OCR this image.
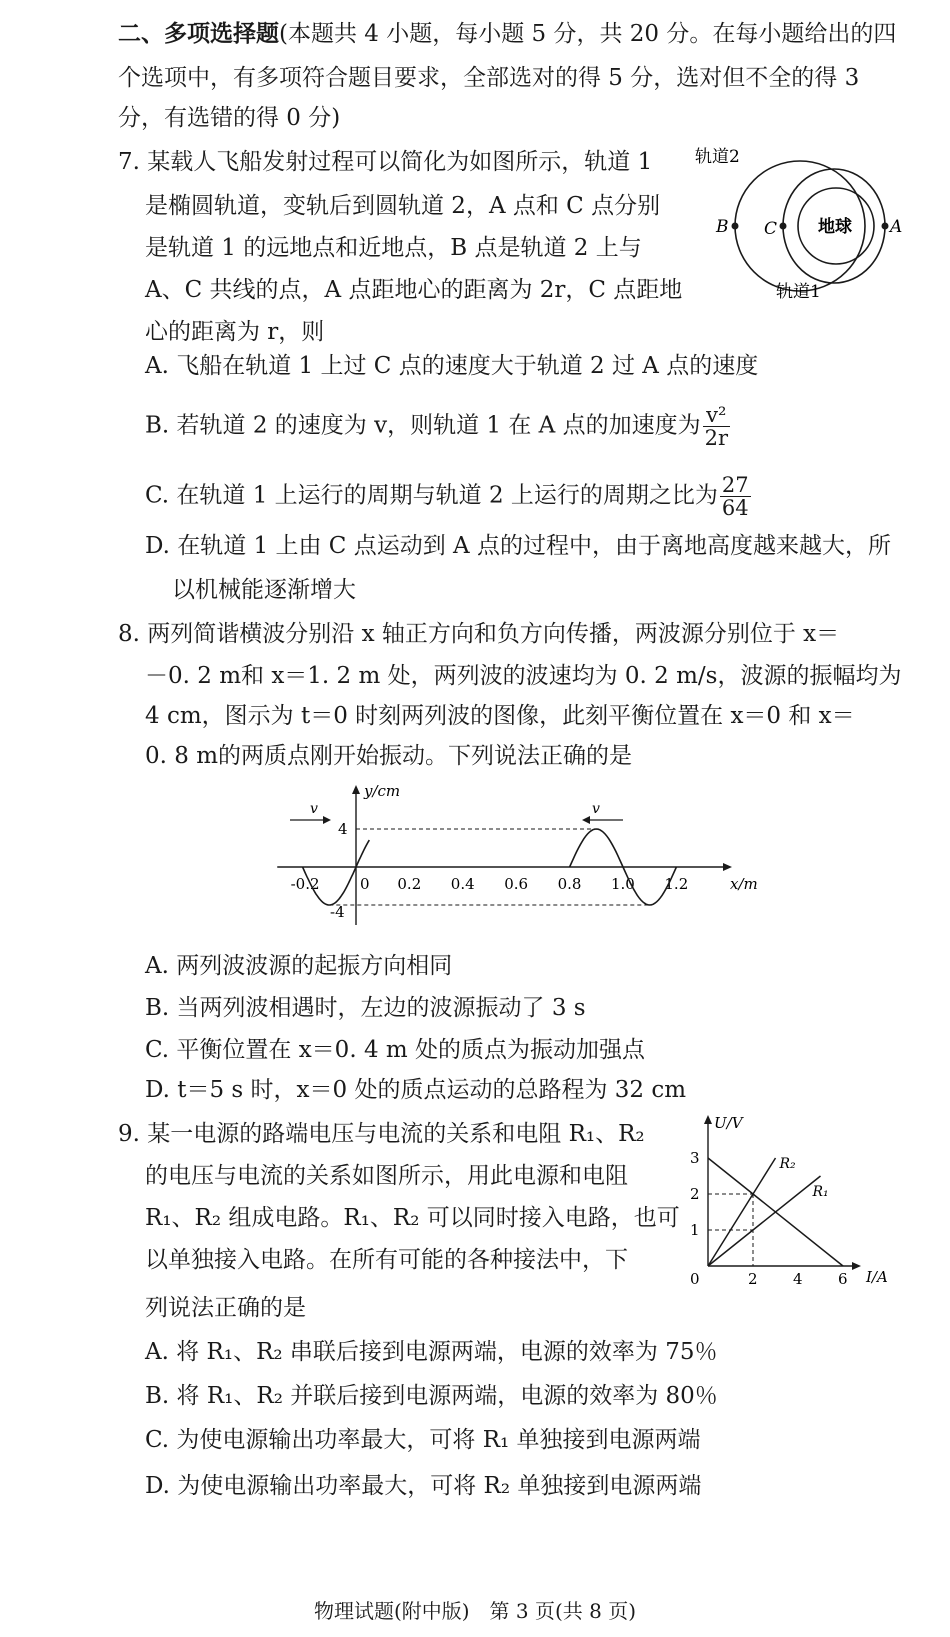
二、多项选择题(本题共 4 小题，每小题 5 分，共 20 分。在每小题给出的四
个选项中，有多项符合题目要求，全部选对的得 5 分，选对但不全的得 3
分，有选错的得 0 分)
7. 某载人飞船发射过程可以简化为如图所示，轨道 1
是椭圆轨道，变轨后到圆轨道 2，A 点和 C 点分别
是轨道 1 的远地点和近地点，B 点是轨道 2 上与
A、C 共线的点，A 点距地心的距离为 2r，C 点距地
心的距离为 r，则
轨道2
轨道1
地球
B C	A
A. 飞船在轨道 1 上过 C 点的速度大于轨道 2 过 A 点的速度
B. 若轨道 2 的速度为 v，则轨道 1 在 A 点的加速度为 $\frac{\text{v²}}{2r}$
C. 在轨道 1 上运行的周期与轨道 2 上运行的周期之比为 $\frac{27}{64}$
D. 在轨道 1 上由 C 点运动到 A 点的过程中，由于离地高度越来越大，所
以机械能逐渐增大
8. 两列简谐横波分别沿 x 轴正方向和负方向传播，两波源分别位于 x＝
－0. 2 m和 x＝1. 2 m 处，两列波的波速均为 0. 2 m/s，波源的振幅均为
4 cm，图示为 t＝0 时刻两列波的图像，此刻平衡位置在 x＝0 和 x＝
0. 8 m的两质点刚开始振动。下列说法正确的是
y/cm
x/m
4
-4
-0.2	0 0.2 0.4 0.6 0.8 1.0 1.2
v	v
A. 两列波波源的起振方向相同
B. 当两列波相遇时，左边的波源振动了 3 s
C. 平衡位置在 x＝0. 4 m 处的质点为振动加强点
D. t＝5 s 时，x＝0 处的质点运动的总路程为 32 cm
9. 某一电源的路端电压与电流的关系和电阻 R₁、R₂
的电压与电流的关系如图所示，用此电源和电阻
R₁、R₂ 组成电路。R₁、R₂ 可以同时接入电路，也可
以单独接入电路。在所有可能的各种接法中，下
列说法正确的是
U/V
I/A
1
2
3
0	2 4 6
R₂
R₁
A. 将 R₁、R₂ 串联后接到电源两端，电源的效率为 75％
B. 将 R₁、R₂ 并联后接到电源两端，电源的效率为 80％
C. 为使电源输出功率最大，可将 R₁ 单独接到电源两端
D. 为使电源输出功率最大，可将 R₂ 单独接到电源两端
物理试题(附中版)　第 3 页(共 8 页)
